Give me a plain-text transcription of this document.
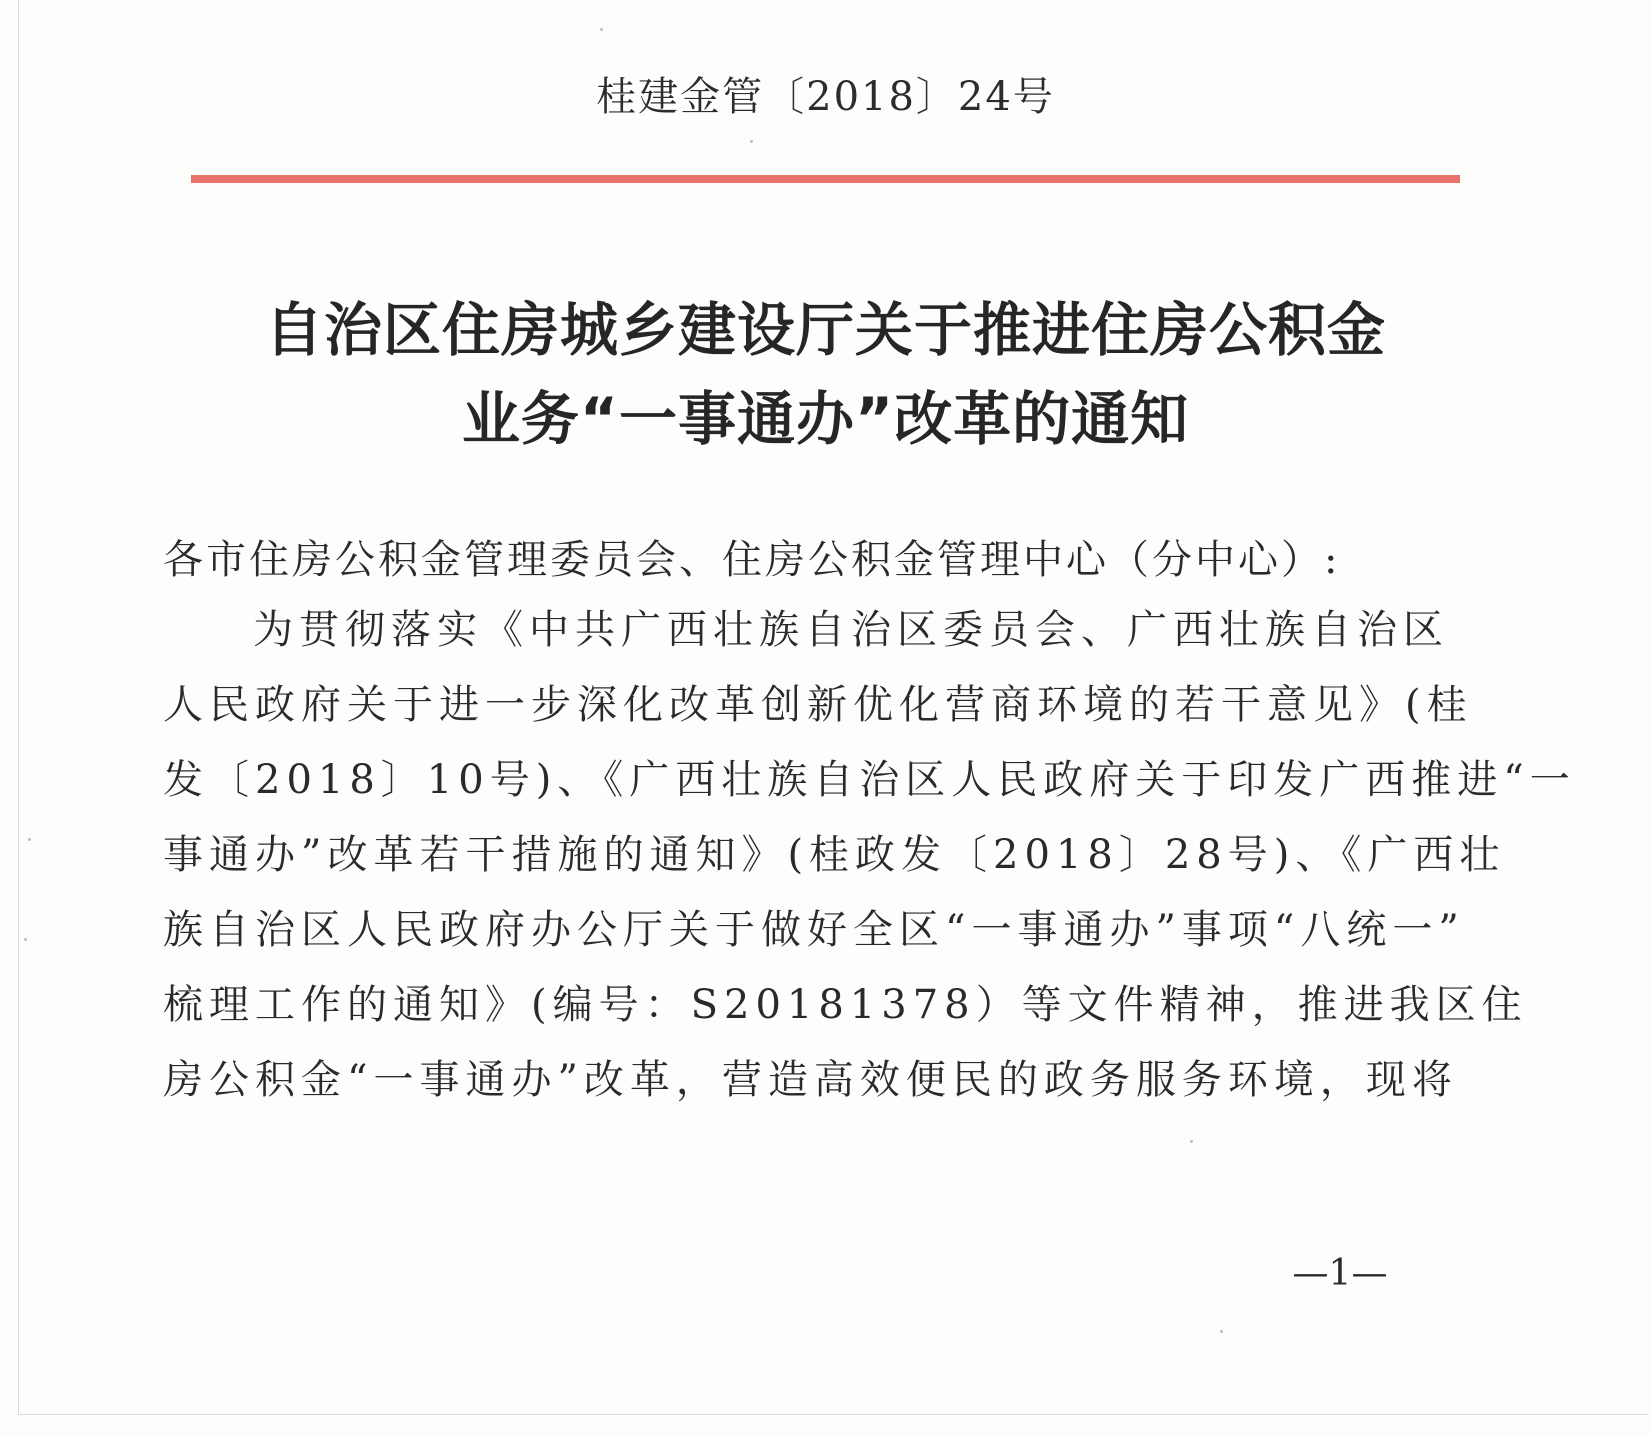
桂建金管〔2018〕24号
自治区住房城乡建设厅关于推进住房公积金
业务“一事通办”改革的通知
各市住房公积金管理委员会、住房公积金管理中心（分中心）:
为贯彻落实《中共广西壮族自治区委员会、广西壮族自治区
人民政府关于进一步深化改革创新优化营商环境的若干意见》(桂
发〔2018〕10号)、《广西壮族自治区人民政府关于印发广西推进“一
事通办”改革若干措施的通知》(桂政发〔2018〕28号)、《广西壮
族自治区人民政府办公厅关于做好全区“一事通办”事项“八统一”
梳理工作的通知》(编号：S20181378）等文件精神，推进我区住
房公积金“一事通办”改革，营造高效便民的政务服务环境，现将
—1—
